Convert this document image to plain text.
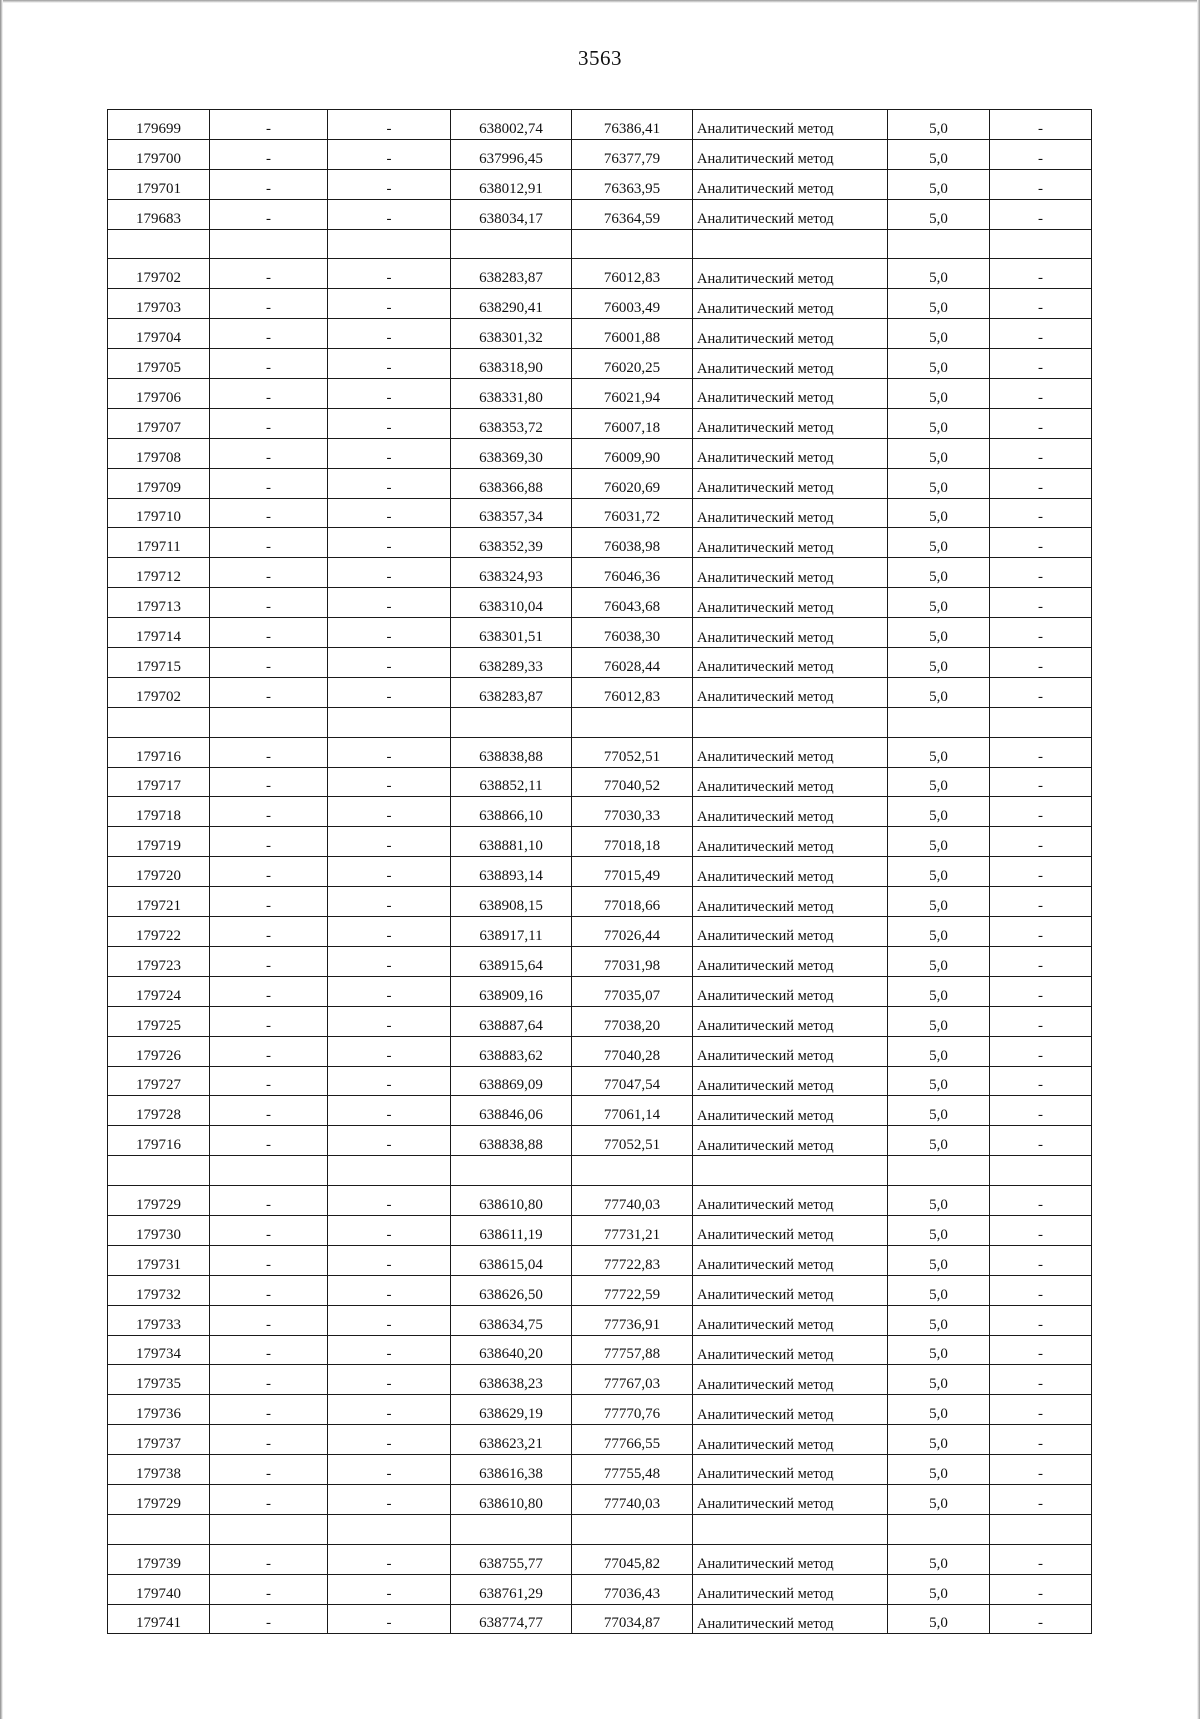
3563
179699	-	-	638002,74	76386,41	Аналитический метод	5,0	-
179700	-	-	637996,45	76377,79	Аналитический метод	5,0	-
179701	-	-	638012,91	76363,95	Аналитический метод	5,0	-
179683	-	-	638034,17	76364,59	Аналитический метод	5,0	-

179702	-	-	638283,87	76012,83	Аналитический метод	5,0	-
179703	-	-	638290,41	76003,49	Аналитический метод	5,0	-
179704	-	-	638301,32	76001,88	Аналитический метод	5,0	-
179705	-	-	638318,90	76020,25	Аналитический метод	5,0	-
179706	-	-	638331,80	76021,94	Аналитический метод	5,0	-
179707	-	-	638353,72	76007,18	Аналитический метод	5,0	-
179708	-	-	638369,30	76009,90	Аналитический метод	5,0	-
179709	-	-	638366,88	76020,69	Аналитический метод	5,0	-
179710	-	-	638357,34	76031,72	Аналитический метод	5,0	-
179711	-	-	638352,39	76038,98	Аналитический метод	5,0	-
179712	-	-	638324,93	76046,36	Аналитический метод	5,0	-
179713	-	-	638310,04	76043,68	Аналитический метод	5,0	-
179714	-	-	638301,51	76038,30	Аналитический метод	5,0	-
179715	-	-	638289,33	76028,44	Аналитический метод	5,0	-
179702	-	-	638283,87	76012,83	Аналитический метод	5,0	-

179716	-	-	638838,88	77052,51	Аналитический метод	5,0	-
179717	-	-	638852,11	77040,52	Аналитический метод	5,0	-
179718	-	-	638866,10	77030,33	Аналитический метод	5,0	-
179719	-	-	638881,10	77018,18	Аналитический метод	5,0	-
179720	-	-	638893,14	77015,49	Аналитический метод	5,0	-
179721	-	-	638908,15	77018,66	Аналитический метод	5,0	-
179722	-	-	638917,11	77026,44	Аналитический метод	5,0	-
179723	-	-	638915,64	77031,98	Аналитический метод	5,0	-
179724	-	-	638909,16	77035,07	Аналитический метод	5,0	-
179725	-	-	638887,64	77038,20	Аналитический метод	5,0	-
179726	-	-	638883,62	77040,28	Аналитический метод	5,0	-
179727	-	-	638869,09	77047,54	Аналитический метод	5,0	-
179728	-	-	638846,06	77061,14	Аналитический метод	5,0	-
179716	-	-	638838,88	77052,51	Аналитический метод	5,0	-

179729	-	-	638610,80	77740,03	Аналитический метод	5,0	-
179730	-	-	638611,19	77731,21	Аналитический метод	5,0	-
179731	-	-	638615,04	77722,83	Аналитический метод	5,0	-
179732	-	-	638626,50	77722,59	Аналитический метод	5,0	-
179733	-	-	638634,75	77736,91	Аналитический метод	5,0	-
179734	-	-	638640,20	77757,88	Аналитический метод	5,0	-
179735	-	-	638638,23	77767,03	Аналитический метод	5,0	-
179736	-	-	638629,19	77770,76	Аналитический метод	5,0	-
179737	-	-	638623,21	77766,55	Аналитический метод	5,0	-
179738	-	-	638616,38	77755,48	Аналитический метод	5,0	-
179729	-	-	638610,80	77740,03	Аналитический метод	5,0	-

179739	-	-	638755,77	77045,82	Аналитический метод	5,0	-
179740	-	-	638761,29	77036,43	Аналитический метод	5,0	-
179741	-	-	638774,77	77034,87	Аналитический метод	5,0	-
